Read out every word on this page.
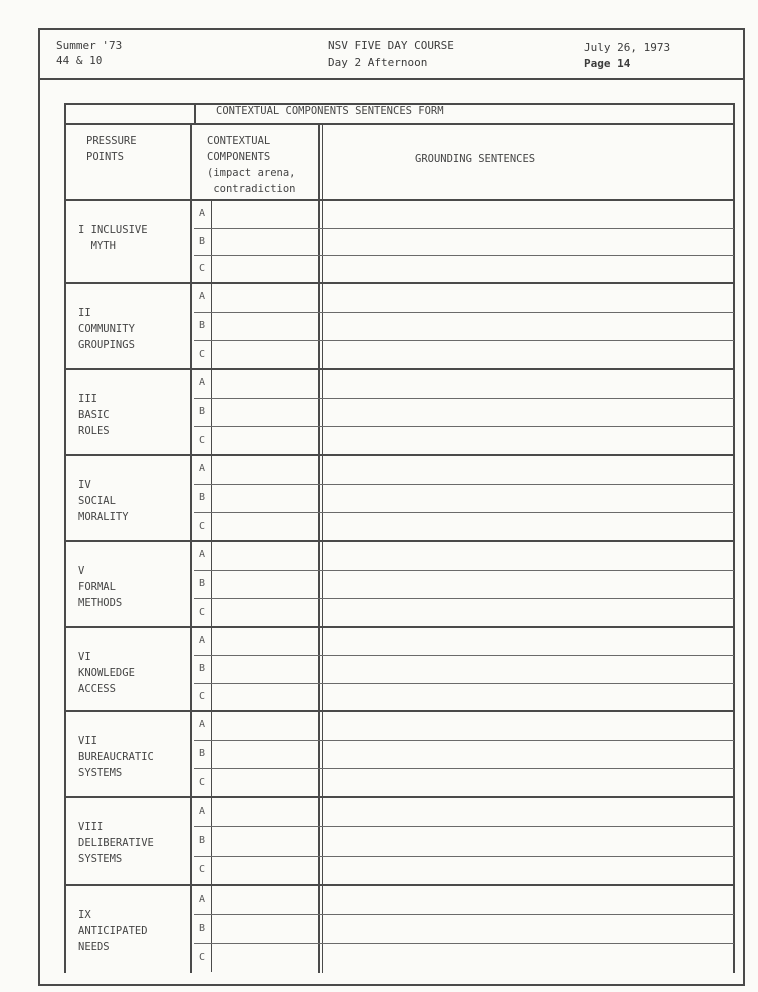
Summer '73
44 & 10
NSV FIVE DAY COURSE
Day 2 Afternoon
July 26, 1973
Page 14
CONTEXTUAL COMPONENTS SENTENCES FORM
PRESSURE
POINTS
CONTEXTUAL
COMPONENTS
(impact arena,
contradiction
GROUNDING SENTENCES
I INCLUSIVE
MYTH
A
B
C
II
COMMUNITY
GROUPINGS
A
B
C
III
BASIC
ROLES
A
B
C
IV
SOCIAL
MORALITY
A
B
C
V
FORMAL
METHODS
A
B
C
VI
KNOWLEDGE
ACCESS
A
B
C
VII
BUREAUCRATIC
SYSTEMS
A
B
C
VIII
DELIBERATIVE
SYSTEMS
A
B
C
IX
ANTICIPATED
NEEDS
A
B
C
